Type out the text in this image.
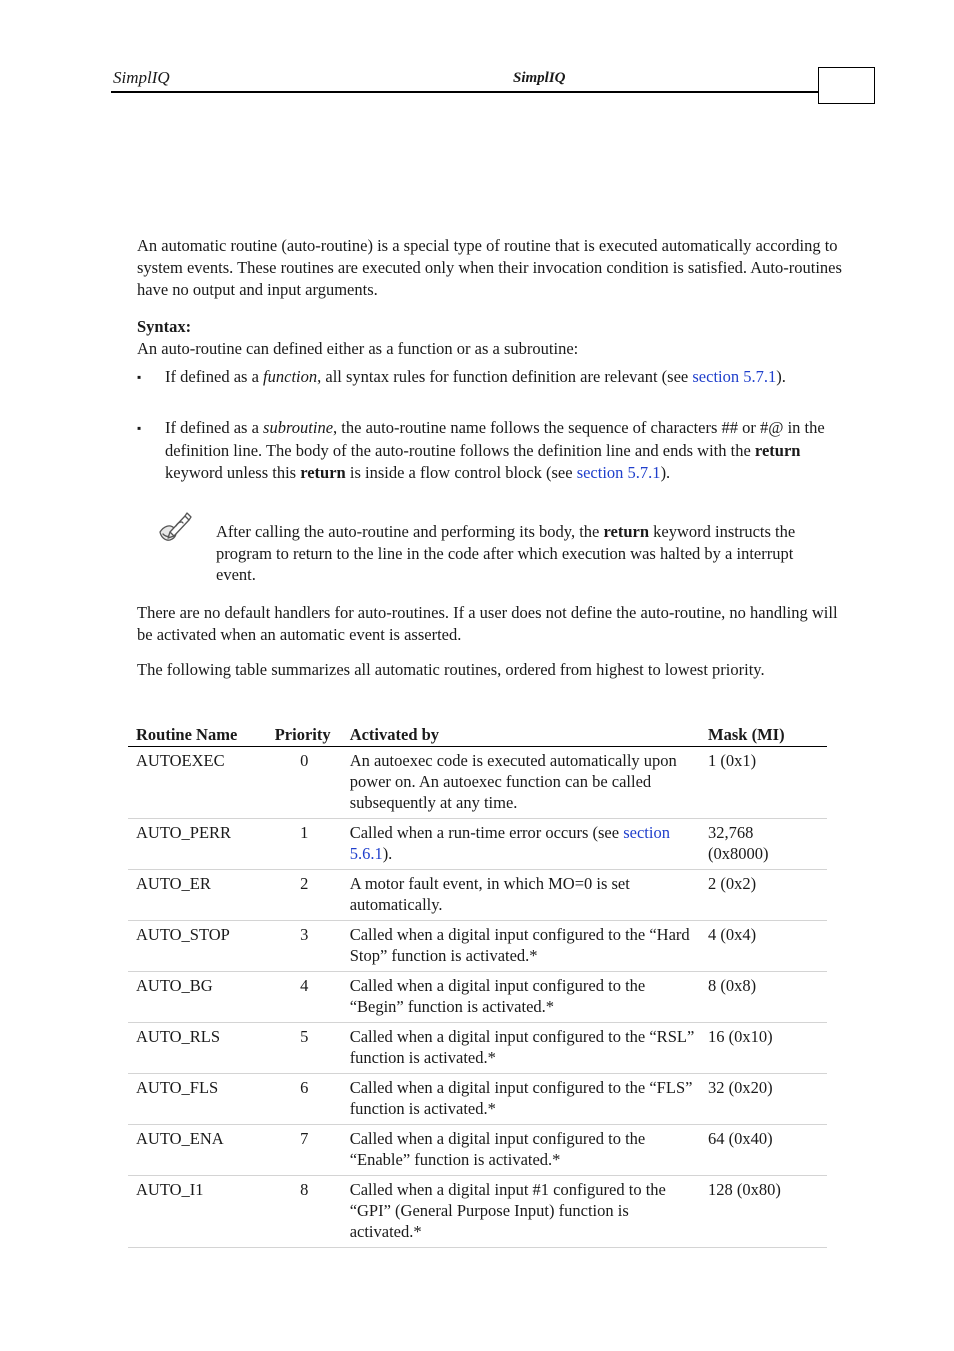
SimplIQ	SimplIQ
An automatic routine (auto-routine) is a special type of routine that is executed automatically according to system events. These routines are executed only when their invocation condition is satisfied. Auto-routines have no output and input arguments.
Syntax:
An auto-routine can defined either as a function or as a subroutine:
▪ If defined as a function, all syntax rules for function definition are relevant (see section 5.7.1).
▪ If defined as a subroutine, the auto-routine name follows the sequence of characters ## or #@ in the definition line. The body of the auto-routine follows the definition line and ends with the return keyword unless this return is inside a flow control block (see section 5.7.1).
After calling the auto-routine and performing its body, the return keyword instructs the program to return to the line in the code after which execution was halted by a interrupt event.
There are no default handlers for auto-routines. If a user does not define the auto-routine, no handling will be activated when an automatic event is asserted.
The following table summarizes all automatic routines, ordered from highest to lowest priority.
Routine Name	Priority	Activated by	Mask (MI)
AUTOEXEC	0	An autoexec code is executed automatically upon power on. An autoexec function can be called subsequently at any time.	1 (0x1)
AUTO_PERR	1	Called when a run-time error occurs (see section 5.6.1).	32,768 (0x8000)
AUTO_ER	2	A motor fault event, in which MO=0 is set automatically.	2 (0x2)
AUTO_STOP	3	Called when a digital input configured to the “Hard Stop” function is activated.*	4 (0x4)
AUTO_BG	4	Called when a digital input configured to the “Begin” function is activated.*	8 (0x8)
AUTO_RLS	5	Called when a digital input configured to the “RSL” function is activated.*	16 (0x10)
AUTO_FLS	6	Called when a digital input configured to the “FLS” function is activated.*	32 (0x20)
AUTO_ENA	7	Called when a digital input configured to the “Enable” function is activated.*	64 (0x40)
AUTO_I1	8	Called when a digital input #1 configured to the “GPI” (General Purpose Input) function is activated.*	128 (0x80)
